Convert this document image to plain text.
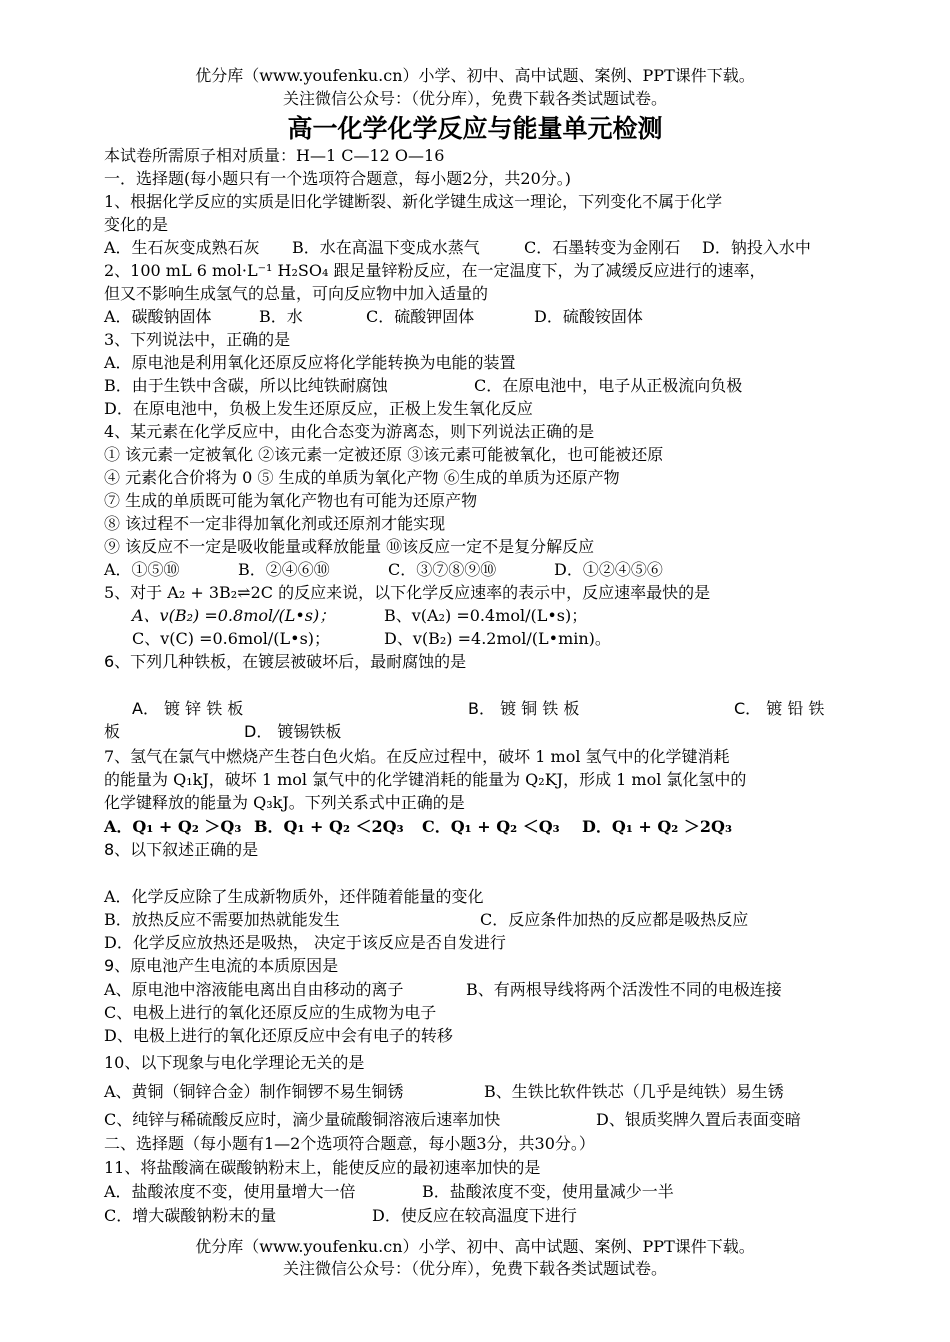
优分库（www.youfenku.cn）小学、初中、高中试题、案例、PPT课件下载。
关注微信公众号：（优分库），免费下载各类试题试卷。
高一化学化学反应与能量单元检测
本试卷所需原子相对质量：H—1 C—12 O—16
一．选择题(每小题只有一个选项符合题意，每小题2分，共20分。)
1、根据化学反应的实质是旧化学键断裂、新化学键生成这一理论，下列变化不属于化学
变化的是
A．生石灰变成熟石灰 B．水在高温下变成水蒸气	C．石墨转变为金刚石 D．钠投入水中
2、100 mL 6 mol·L⁻¹ H₂SO₄ 跟足量锌粉反应，在一定温度下，为了减缓反应进行的速率，
但又不影响生成氢气的总量，可向反应物中加入适量的
A．碳酸钠固体	B．水	C．硫酸钾固体	D．硫酸铵固体
3、下列说法中，正确的是
A．原电池是利用氧化还原反应将化学能转换为电能的装置
B．由于生铁中含碳，所以比纯铁耐腐蚀	C．在原电池中，电子从正极流向负极
D．在原电池中，负极上发生还原反应，正极上发生氧化反应
4、某元素在化学反应中，由化合态变为游离态，则下列说法正确的是
① 该元素一定被氧化 ②该元素一定被还原 ③该元素可能被氧化，也可能被还原
④ 元素化合价将为 0 ⑤ 生成的单质为氧化产物 ⑥生成的单质为还原产物
⑦ 生成的单质既可能为氧化产物也有可能为还原产物
⑧ 该过程不一定非得加氧化剂或还原剂才能实现
⑨ 该反应不一定是吸收能量或释放能量 ⑩该反应一定不是复分解反应
A．①⑤⑩	B．②④⑥⑩	C．③⑦⑧⑨⑩	D．①②④⑤⑥
5、对于 A₂ + 3B₂⇌2C 的反应来说，以下化学反应速率的表示中，反应速率最快的是
A、v(B₂) =0.8mol/(L•s)；	B、v(A₂) =0.4mol/(L•s)；
C、v(C) =0.6mol/(L•s)；	D、v(B₂) =4.2mol/(L•min)。
6、下列几种铁板，在镀层被破坏后，最耐腐蚀的是
A． 镀 锌 铁 板	B． 镀 铜 铁 板	C． 镀 铅 铁
板	D． 镀锡铁板
7、氢气在氯气中燃烧产生苍白色火焰。在反应过程中，破坏 1 mol 氢气中的化学键消耗
的能量为 Q₁kJ，破坏 1 mol 氯气中的化学键消耗的能量为 Q₂KJ，形成 1 mol 氯化氢中的
化学键释放的能量为 Q₃kJ。下列关系式中正确的是
A．Q₁ + Q₂ ＞Q₃ B．Q₁ + Q₂ ＜2Q₃ C．Q₁ + Q₂ ＜Q₃ D．Q₁ + Q₂ ＞2Q₃
8、以下叙述正确的是
A．化学反应除了生成新物质外，还伴随着能量的变化
B．放热反应不需要加热就能发生	C．反应条件加热的反应都是吸热反应
D．化学反应放热还是吸热， 决定于该反应是否自发进行
9、原电池产生电流的本质原因是
A、原电池中溶液能电离出自由移动的离子	B、有两根导线将两个活泼性不同的电极连接
C、电极上进行的氧化还原反应的生成物为电子
D、电极上进行的氧化还原反应中会有电子的转移
10、以下现象与电化学理论无关的是
A、黄铜（铜锌合金）制作铜锣不易生铜锈	B、生铁比软件铁芯（几乎是纯铁）易生锈
C、纯锌与稀硫酸反应时，滴少量硫酸铜溶液后速率加快	D、银质奖牌久置后表面变暗
二、选择题（每小题有1—2个选项符合题意，每小题3分，共30分。）
11、将盐酸滴在碳酸钠粉末上，能使反应的最初速率加快的是
A．盐酸浓度不变，使用量增大一倍	B．盐酸浓度不变，使用量减少一半
C．增大碳酸钠粉末的量	D．使反应在较高温度下进行
优分库（www.youfenku.cn）小学、初中、高中试题、案例、PPT课件下载。
关注微信公众号：（优分库），免费下载各类试题试卷。
